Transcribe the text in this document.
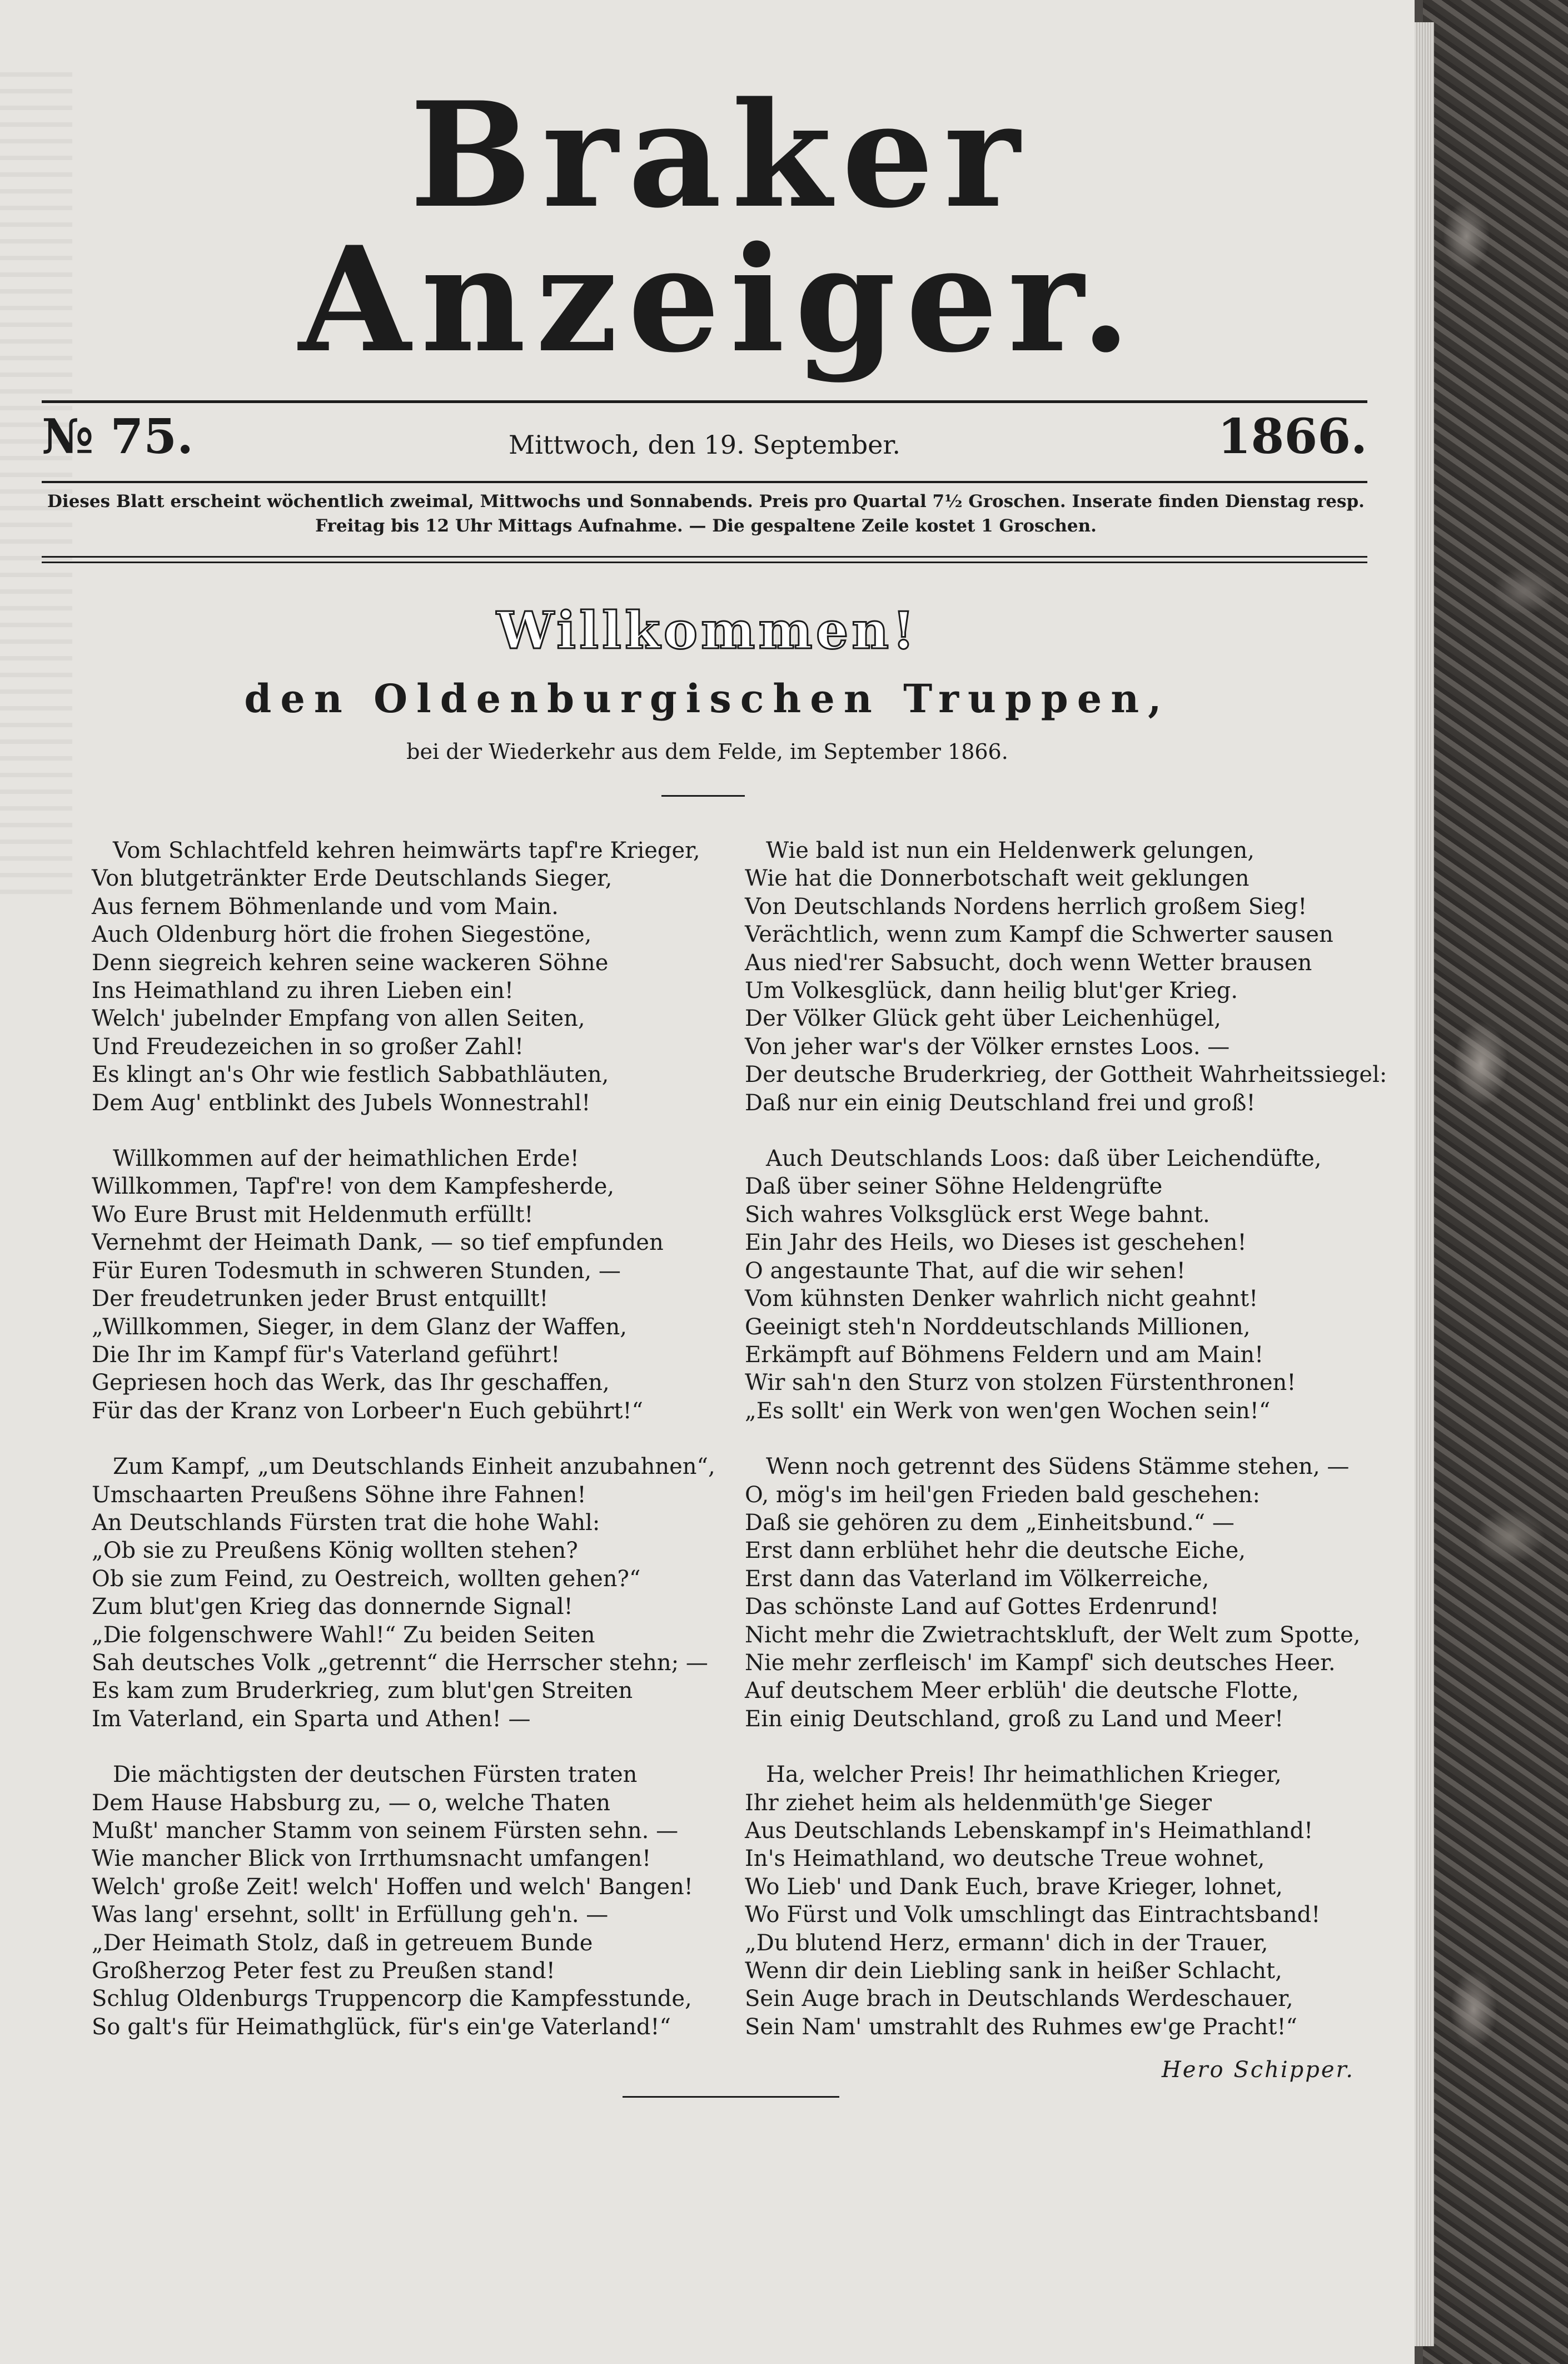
Braker Anzeiger.
№ 75.	Mittwoch, den 19. September.	1866.
Dieses Blatt erscheint wöchentlich zweimal, Mittwochs und Sonnabends. Preis pro Quartal 7½ Groschen. Inserate finden Dienstag resp.
Freitag bis 12 Uhr Mittags Aufnahme. — Die gespaltene Zeile kostet 1 Groschen.
Willkommen!
den Oldenburgischen Truppen,
bei der Wiederkehr aus dem Felde, im September 1866.
Vom Schlachtfeld kehren heimwärts tapf're Krieger,
Von blutgetränkter Erde Deutschlands Sieger,
Aus fernem Böhmenlande und vom Main.
Auch Oldenburg hört die frohen Siegestöne,
Denn siegreich kehren seine wackeren Söhne
Ins Heimathland zu ihren Lieben ein!
Welch' jubelnder Empfang von allen Seiten,
Und Freudezeichen in so großer Zahl!
Es klingt an's Ohr wie festlich Sabbathläuten,
Dem Aug' entblinkt des Jubels Wonnestrahl!
Willkommen auf der heimathlichen Erde!
Willkommen, Tapf're! von dem Kampfesherde,
Wo Eure Brust mit Heldenmuth erfüllt!
Vernehmt der Heimath Dank, — so tief empfunden
Für Euren Todesmuth in schweren Stunden, —
Der freudetrunken jeder Brust entquillt!
„Willkommen, Sieger, in dem Glanz der Waffen,
Die Ihr im Kampf für's Vaterland geführt!
Gepriesen hoch das Werk, das Ihr geschaffen,
Für das der Kranz von Lorbeer'n Euch gebührt!“
Zum Kampf, „um Deutschlands Einheit anzubahnen“,
Umschaarten Preußens Söhne ihre Fahnen!
An Deutschlands Fürsten trat die hohe Wahl:
„Ob sie zu Preußens König wollten stehen?
Ob sie zum Feind, zu Oestreich, wollten gehen?“
Zum blut'gen Krieg das donnernde Signal!
„Die folgenschwere Wahl!“ Zu beiden Seiten
Sah deutsches Volk „getrennt“ die Herrscher stehn; —
Es kam zum Bruderkrieg, zum blut'gen Streiten
Im Vaterland, ein Sparta und Athen! —
Die mächtigsten der deutschen Fürsten traten
Dem Hause Habsburg zu, — o, welche Thaten
Mußt' mancher Stamm von seinem Fürsten sehn. —
Wie mancher Blick von Irrthumsnacht umfangen!
Welch' große Zeit! welch' Hoffen und welch' Bangen!
Was lang' ersehnt, sollt' in Erfüllung geh'n. —
„Der Heimath Stolz, daß in getreuem Bunde
Großherzog Peter fest zu Preußen stand!
Schlug Oldenburgs Truppencorp die Kampfesstunde,
So galt's für Heimathglück, für's ein'ge Vaterland!“
Wie bald ist nun ein Heldenwerk gelungen,
Wie hat die Donnerbotschaft weit geklungen
Von Deutschlands Nordens herrlich großem Sieg!
Verächtlich, wenn zum Kampf die Schwerter sausen
Aus nied'rer Sabsucht, doch wenn Wetter brausen
Um Volkesglück, dann heilig blut'ger Krieg.
Der Völker Glück geht über Leichenhügel,
Von jeher war's der Völker ernstes Loos. —
Der deutsche Bruderkrieg, der Gottheit Wahrheitssiegel:
Daß nur ein einig Deutschland frei und groß!
Auch Deutschlands Loos: daß über Leichendüfte,
Daß über seiner Söhne Heldengrüfte
Sich wahres Volksglück erst Wege bahnt.
Ein Jahr des Heils, wo Dieses ist geschehen!
O angestaunte That, auf die wir sehen!
Vom kühnsten Denker wahrlich nicht geahnt!
Geeinigt steh'n Norddeutschlands Millionen,
Erkämpft auf Böhmens Feldern und am Main!
Wir sah'n den Sturz von stolzen Fürstenthronen!
„Es sollt' ein Werk von wen'gen Wochen sein!“
Wenn noch getrennt des Südens Stämme stehen, —
O, mög's im heil'gen Frieden bald geschehen:
Daß sie gehören zu dem „Einheitsbund.“ —
Erst dann erblühet hehr die deutsche Eiche,
Erst dann das Vaterland im Völkerreiche,
Das schönste Land auf Gottes Erdenrund!
Nicht mehr die Zwietrachtskluft, der Welt zum Spotte,
Nie mehr zerfleisch' im Kampf' sich deutsches Heer.
Auf deutschem Meer erblüh' die deutsche Flotte,
Ein einig Deutschland, groß zu Land und Meer!
Ha, welcher Preis! Ihr heimathlichen Krieger,
Ihr ziehet heim als heldenmüth'ge Sieger
Aus Deutschlands Lebenskampf in's Heimathland!
In's Heimathland, wo deutsche Treue wohnet,
Wo Lieb' und Dank Euch, brave Krieger, lohnet,
Wo Fürst und Volk umschlingt das Eintrachtsband!
„Du blutend Herz, ermann' dich in der Trauer,
Wenn dir dein Liebling sank in heißer Schlacht,
Sein Auge brach in Deutschlands Werdeschauer,
Sein Nam' umstrahlt des Ruhmes ew'ge Pracht!“
Hero Schipper.
